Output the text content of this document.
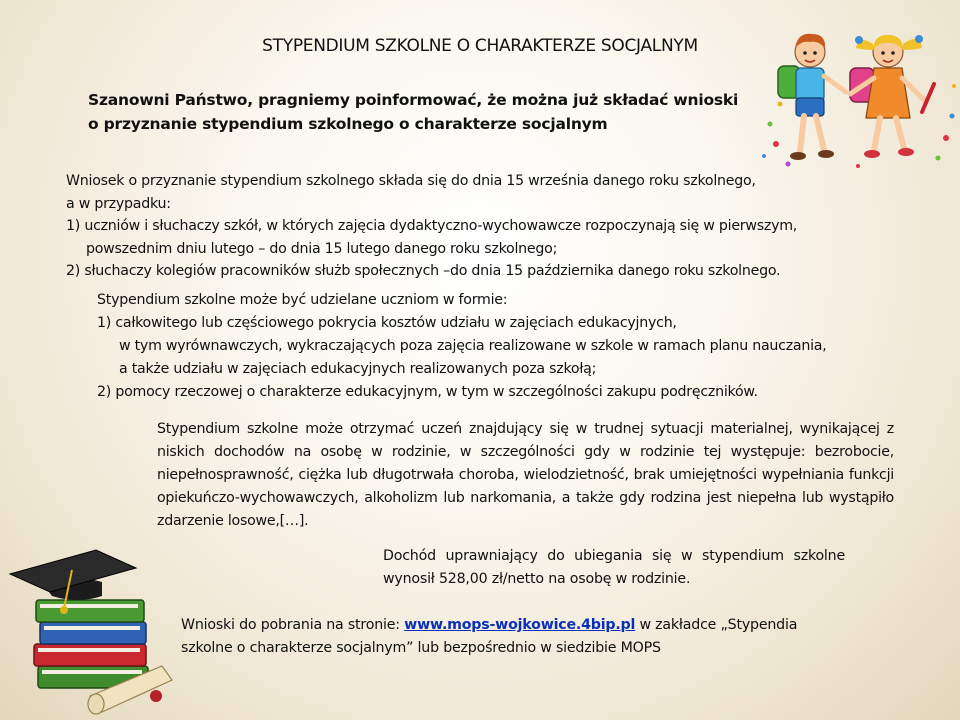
STYPENDIUM SZKOLNE O CHARAKTERZE SOCJALNYM
Szanowni Państwo, pragniemy poinformować, że można już składać wnioski
o przyznanie stypendium szkolnego o charakterze socjalnym
Wniosek o przyznanie stypendium szkolnego składa się do dnia 15 września danego roku szkolnego,
a w przypadku:
1) uczniów i słuchaczy szkół, w których zajęcia dydaktyczno-wychowawcze rozpoczynają się w pierwszym,
powszednim dniu lutego – do dnia 15 lutego danego roku szkolnego;
2) słuchaczy kolegiów pracowników służb społecznych –do dnia 15 października danego roku szkolnego.
Stypendium szkolne może być udzielane uczniom w formie:
1) całkowitego lub częściowego pokrycia kosztów udziału w zajęciach edukacyjnych,
w tym wyrównawczych, wykraczających poza zajęcia realizowane w szkole w ramach planu nauczania,
a także udziału w zajęciach edukacyjnych realizowanych poza szkołą;
2) pomocy rzeczowej o charakterze edukacyjnym, w tym w szczególności zakupu podręczników.
Stypendium szkolne może otrzymać uczeń znajdujący się w trudnej sytuacji materialnej, wynikającej z niskich dochodów na osobę w rodzinie, w szczególności gdy w rodzinie tej występuje: bezrobocie, niepełnosprawność, ciężka lub długotrwała choroba, wielodzietność, brak umiejętności wypełniania funkcji opiekuńczo-wychowawczych, alkoholizm lub narkomania, a także gdy rodzina jest niepełna lub wystąpiło zdarzenie losowe,[…].
Dochód uprawniający do ubiegania się w stypendium szkolne wynosił 528,00 zł/netto na osobę w rodzinie.
Wnioski do pobrania na stronie: www.mops-wojkowice.4bip.pl w zakładce „Stypendia
szkolne o charakterze socjalnym” lub bezpośrednio w siedzibie MOPS
